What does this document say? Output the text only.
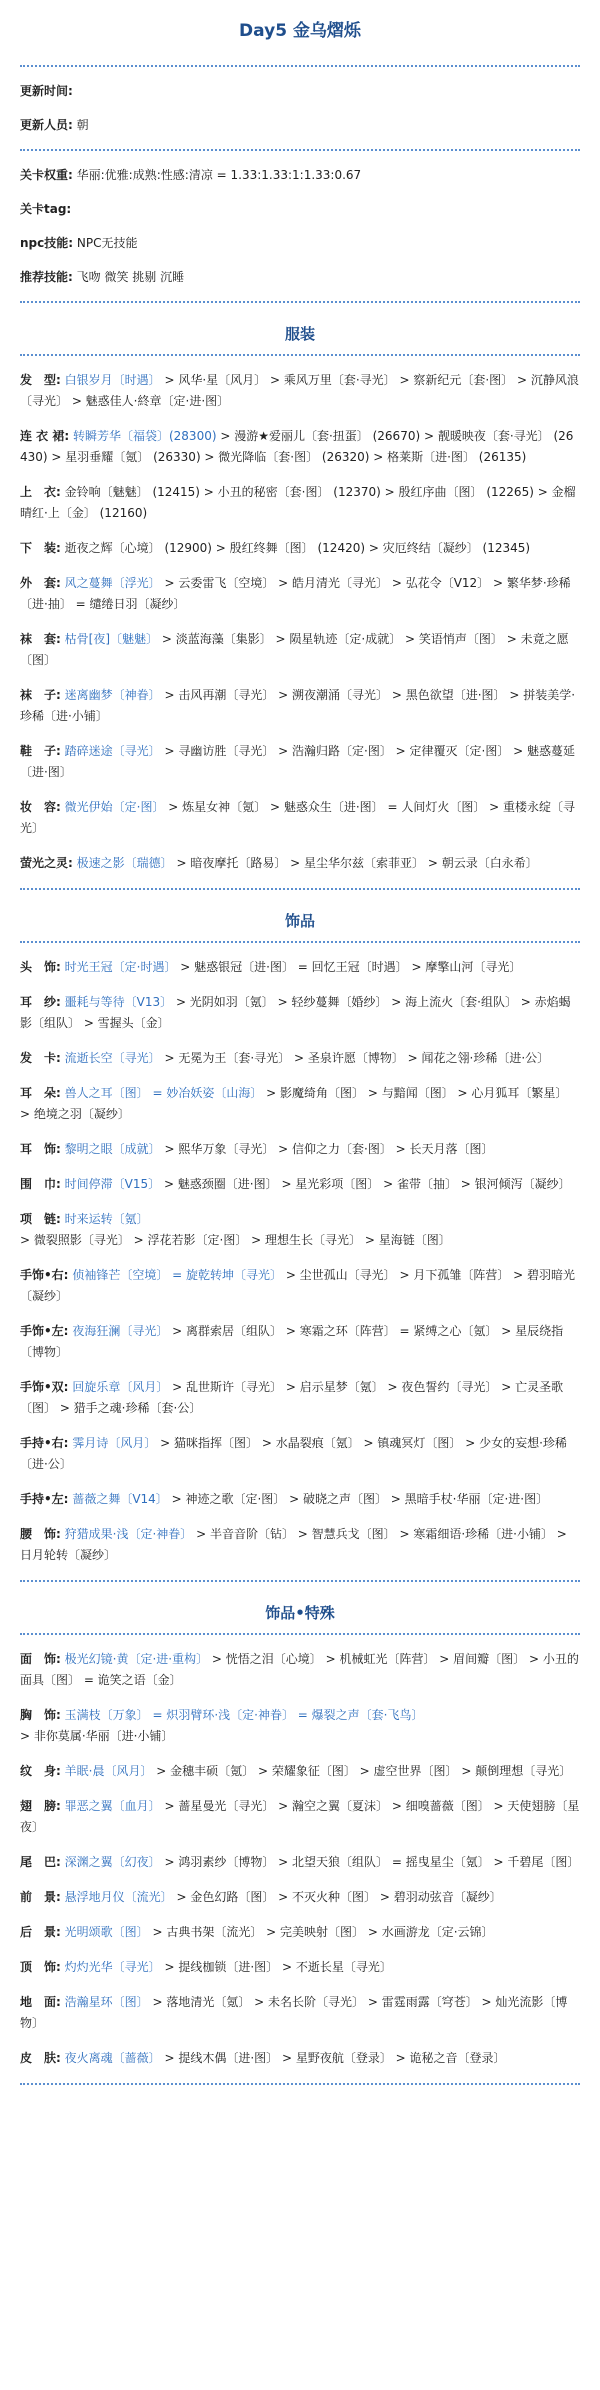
Day5 金乌熠烁
更新时间:
更新人员: 朝
关卡权重: 华丽:优雅:成熟:性感:清凉 = 1.33:1.33:1:1.33:0.67
关卡tag:
npc技能: NPC无技能
推荐技能: 飞吻 微笑 挑剔 沉睡
服装
发　型: 白银岁月〔时遇〕 > 风华·星〔风月〕 > 乘风万里〔套·寻光〕 > 察新纪元〔套·图〕 > 沉静风浪〔寻光〕 > 魅惑佳人·終章〔定·进·图〕
连 衣 裙: 转瞬芳华〔福袋〕(28300) > 漫游★爱丽儿〔套·扭蛋〕 (26670) > 靓暖映夜〔套·寻光〕 (26430) > 星羽垂耀〔氪〕 (26330) > 微光降临〔套·图〕 (26320) > 格莱斯〔进·图〕 (26135)
上　衣: 金铃响〔魅魅〕 (12415) > 小丑的秘密〔套·图〕 (12370) > 殷红序曲〔图〕 (12265) > 金榴晴红·上〔金〕 (12160)
下　装: 逝夜之辉〔心境〕 (12900) > 殷红终舞〔图〕 (12420) > 灾厄终结〔凝纱〕 (12345)
外　套: 风之蔓舞〔浮光〕 > 云委雷飞〔空境〕 > 皓月清光〔寻光〕 > 弘花令〔V12〕 > 繁华梦·珍稀〔进·抽〕 = 缱绻日羽〔凝纱〕
袜　套: 枯骨[夜]〔魅魅〕 > 淡蓝海藻〔集影〕 > 陨星轨迹〔定·成就〕 > 笑语悄声〔图〕 > 未竟之愿〔图〕
袜　子: 迷离幽梦〔神眷〕 > 击风再潮〔寻光〕 > 溯夜潮涌〔寻光〕 > 黑色欲望〔进·图〕 > 拼装美学·珍稀〔进·小铺〕
鞋　子: 踏碎迷途〔寻光〕 > 寻幽访胜〔寻光〕 > 浩瀚归路〔定·图〕 > 定律覆灭〔定·图〕 > 魅惑蔓延〔进·图〕
妆　容: 微光伊始〔定·图〕 > 炼星女神〔氪〕 > 魅惑众生〔进·图〕 = 人间灯火〔图〕 > 重楼永绽〔寻光〕
萤光之灵: 极速之影〔瑞德〕 > 暗夜摩托〔路易〕 > 星尘华尔兹〔索菲亚〕 > 朝云录〔白永希〕
饰品
头　饰: 时光王冠〔定·时遇〕 > 魅惑银冠〔进·图〕 = 回忆王冠〔时遇〕 > 摩擎山河〔寻光〕
耳　纱: 噩耗与等待〔V13〕 > 光阴如羽〔氪〕 > 轻纱蔓舞〔婚纱〕 > 海上流火〔套·组队〕 > 赤焰蝎影〔组队〕 > 雪握头〔金〕
发　卡: 流逝长空〔寻光〕 > 无冕为王〔套·寻光〕 > 圣泉许愿〔博物〕 > 闻花之翎·珍稀〔进·公〕
耳　朵: 兽人之耳〔图〕 = 妙冶妖姿〔山海〕 > 影魔绮角〔图〕 > 与黯闻〔图〕 > 心月狐耳〔繁星〕 > 绝境之羽〔凝纱〕
耳　饰: 黎明之眼〔成就〕 > 熙华万象〔寻光〕 > 信仰之力〔套·图〕 > 长天月落〔图〕
围　巾: 时间停滞〔V15〕 > 魅惑颈圈〔进·图〕 > 星光彩项〔图〕 > 雀带〔抽〕 > 银河倾泻〔凝纱〕
项　链: 时来运转〔氪〕 > 微裂照影〔寻光〕 > 浮花若影〔定·图〕 > 理想生长〔寻光〕 > 星海链〔图〕
手饰•右: 侦袖锋芒〔空境〕 = 旋乾转坤〔寻光〕 > 尘世孤山〔寻光〕 > 月下孤雏〔阵营〕 > 碧羽暗光〔凝纱〕
手饰•左: 夜海狂澜〔寻光〕 > 离群索居〔组队〕 > 寒霜之环〔阵营〕 = 紧缚之心〔氪〕 > 星辰绕指〔博物〕
手饰•双: 回旋乐章〔风月〕 > 乱世斯许〔寻光〕 > 启示星梦〔氪〕 > 夜色誓约〔寻光〕 > 亡灵圣歌〔图〕 > 猎手之魂·珍稀〔套·公〕
手持•右: 霁月诗〔风月〕 > 猫咪指挥〔图〕 > 水晶裂痕〔氪〕 > 镇魂冥灯〔图〕 > 少女的妄想·珍稀〔进·公〕
手持•左: 蔷薇之舞〔V14〕 > 神迹之歌〔定·图〕 > 破晓之声〔图〕 > 黑暗手杖·华丽〔定·进·图〕
腰　饰: 狩猎成果·浅〔定·神眷〕 > 半音音阶〔钻〕 > 智慧兵戈〔图〕 > 寒霜细语·珍稀〔进·小铺〕 > 日月轮转〔凝纱〕
饰品•特殊
面　饰: 极光幻镜·黄〔定·进·重构〕 > 恍悟之泪〔心境〕 > 机械虹光〔阵营〕 > 眉间瓣〔图〕 > 小丑的面具〔图〕 = 诡笑之语〔金〕
胸　饰: 玉满枝〔万象〕 = 炽羽臂环·浅〔定·神眷〕 = 爆裂之声〔套·飞鸟〕 > 非你莫属·华丽〔进·小铺〕
纹　身: 羊眠·晨〔风月〕 > 金穗丰硕〔氪〕 > 荣耀象征〔图〕 > 虚空世界〔图〕 > 颠倒理想〔寻光〕
翅　膀: 罪恶之翼〔血月〕 > 蔷星曼光〔寻光〕 > 瀚空之翼〔夏沫〕 > 细嗅蔷薇〔图〕 > 天使翅膀〔星夜〕
尾　巴: 深渊之翼〔幻夜〕 > 鸿羽素纱〔博物〕 > 北望天狼〔组队〕 = 摇曳星尘〔氪〕 > 千碧尾〔图〕
前　景: 悬浮地月仪〔流光〕 > 金色幻路〔图〕 > 不灭火种〔图〕 > 碧羽动弦音〔凝纱〕
后　景: 光明颂歌〔图〕 > 古典书架〔流光〕 > 完美映射〔图〕 > 水画游龙〔定·云锦〕
顶　饰: 灼灼光华〔寻光〕 > 提线枷锁〔进·图〕 > 不逝长星〔寻光〕
地　面: 浩瀚星环〔图〕 > 落地清光〔氪〕 > 未名长阶〔寻光〕 > 雷霆雨露〔穹苍〕 > 灿光流影〔博物〕
皮　肤: 夜火离魂〔蔷薇〕 > 提线木偶〔进·图〕 > 星野夜航〔登录〕 > 诡秘之音〔登录〕
